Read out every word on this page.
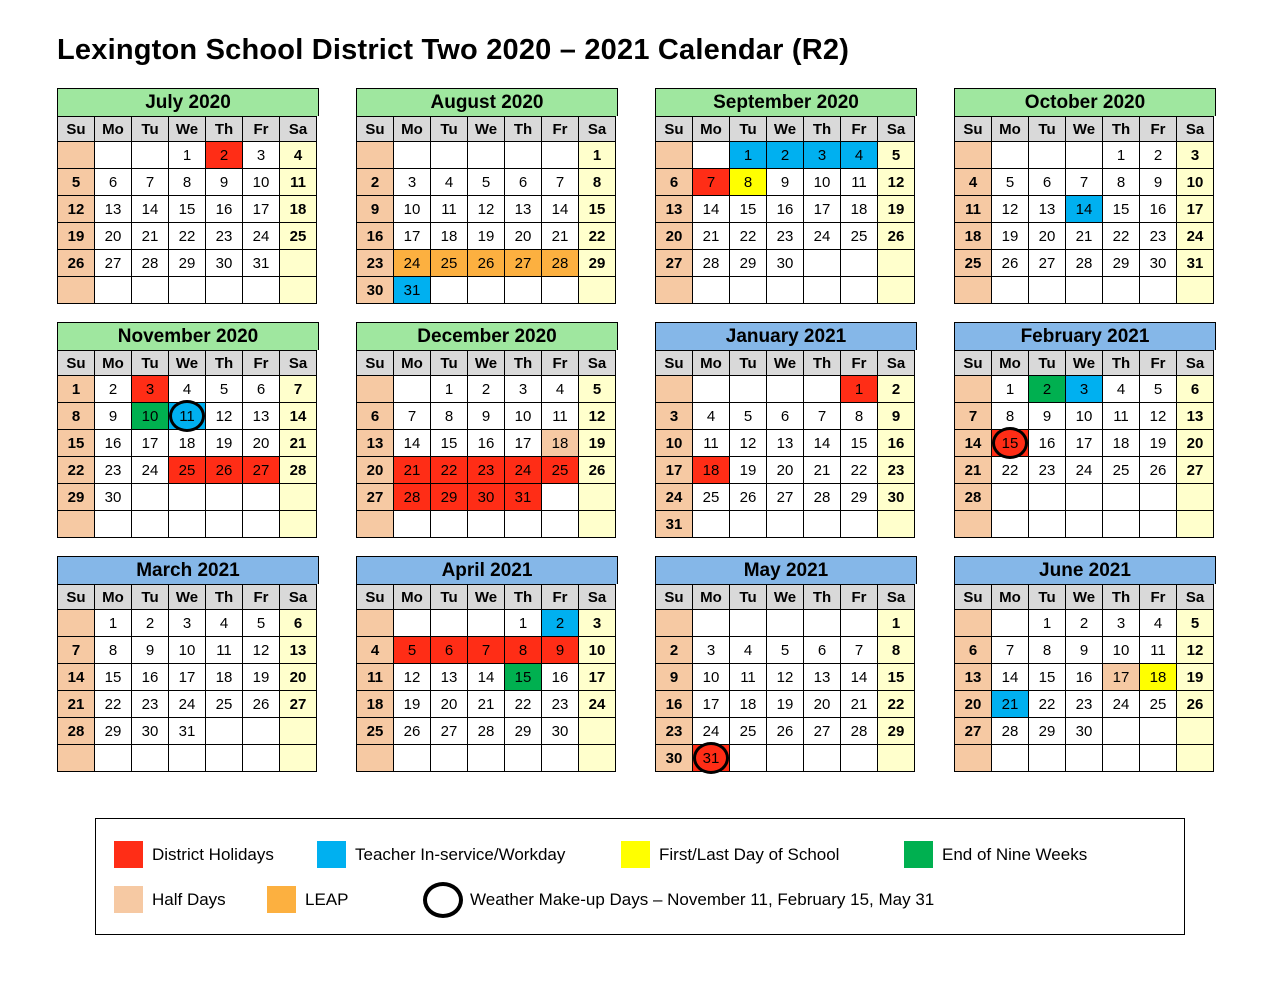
Lexington School District Two 2020 – 2021 Calendar (R2)
July 2020
Su	Mo	Tu	We	Th	Fr	Sa
			1	2	3	4
5	6	7	8	9	10	11
12	13	14	15	16	17	18
19	20	21	22	23	24	25
26	27	28	29	30	31	

August 2020
Su	Mo	Tu	We	Th	Fr	Sa
						1
2	3	4	5	6	7	8
9	10	11	12	13	14	15
16	17	18	19	20	21	22
23	24	25	26	27	28	29
30	31					
September 2020
Su	Mo	Tu	We	Th	Fr	Sa
		1	2	3	4	5
6	7	8	9	10	11	12
13	14	15	16	17	18	19
20	21	22	23	24	25	26
27	28	29	30			

October 2020
Su	Mo	Tu	We	Th	Fr	Sa
				1	2	3
4	5	6	7	8	9	10
11	12	13	14	15	16	17
18	19	20	21	22	23	24
25	26	27	28	29	30	31

November 2020
Su	Mo	Tu	We	Th	Fr	Sa
1	2	3	4	5	6	7
8	9	10	11	12	13	14
15	16	17	18	19	20	21
22	23	24	25	26	27	28
29	30					

December 2020
Su	Mo	Tu	We	Th	Fr	Sa
		1	2	3	4	5
6	7	8	9	10	11	12
13	14	15	16	17	18	19
20	21	22	23	24	25	26
27	28	29	30	31		

January 2021
Su	Mo	Tu	We	Th	Fr	Sa
					1	2
3	4	5	6	7	8	9
10	11	12	13	14	15	16
17	18	19	20	21	22	23
24	25	26	27	28	29	30
31						
February 2021
Su	Mo	Tu	We	Th	Fr	Sa
	1	2	3	4	5	6
7	8	9	10	11	12	13
14	15	16	17	18	19	20
21	22	23	24	25	26	27
28						

March 2021
Su	Mo	Tu	We	Th	Fr	Sa
	1	2	3	4	5	6
7	8	9	10	11	12	13
14	15	16	17	18	19	20
21	22	23	24	25	26	27
28	29	30	31			

April 2021
Su	Mo	Tu	We	Th	Fr	Sa
				1	2	3
4	5	6	7	8	9	10
11	12	13	14	15	16	17
18	19	20	21	22	23	24
25	26	27	28	29	30	

May 2021
Su	Mo	Tu	We	Th	Fr	Sa
						1
2	3	4	5	6	7	8
9	10	11	12	13	14	15
16	17	18	19	20	21	22
23	24	25	26	27	28	29
30	31

June 2021
Su	Mo	Tu	We	Th	Fr	Sa
		1	2	3	4	5
6	7	8	9	10	11	12
13	14	15	16	17	18	19
20	21	22	23	24	25	26
27	28	29	30			

District Holidays	Teacher In-service/Workday	First/Last Day of School	End of Nine Weeks
Half Days	LEAP	Weather Make-up Days – November 11, February 15, May 31
